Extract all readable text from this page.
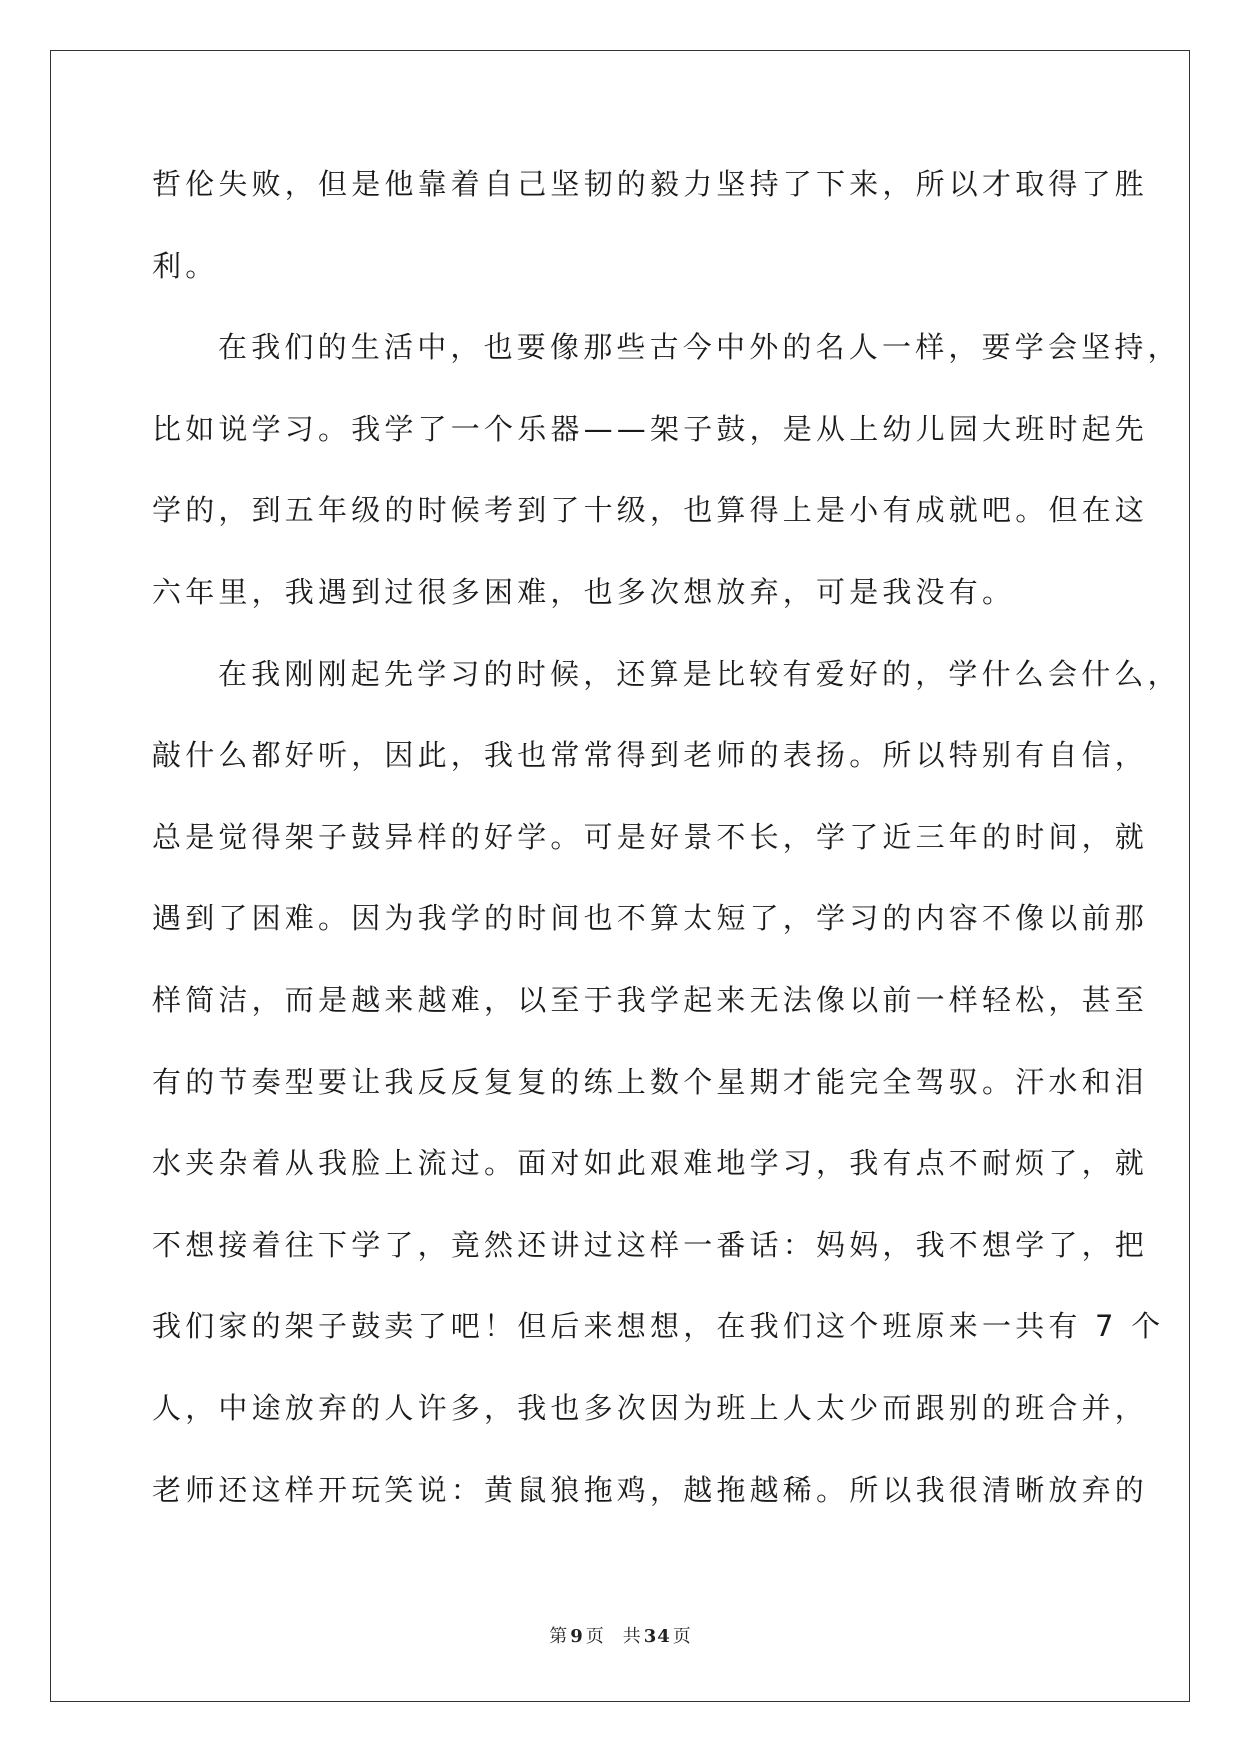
哲伦失败，但是他靠着自己坚韧的毅力坚持了下来，所以才取得了胜
利。
在我们的生活中，也要像那些古今中外的名人一样，要学会坚持，
比如说学习。我学了一个乐器——架子鼓，是从上幼儿园大班时起先
学的，到五年级的时候考到了十级，也算得上是小有成就吧。但在这
六年里，我遇到过很多困难，也多次想放弃，可是我没有。
在我刚刚起先学习的时候，还算是比较有爱好的，学什么会什么，
敲什么都好听，因此，我也常常得到老师的表扬。所以特别有自信，
总是觉得架子鼓异样的好学。可是好景不长，学了近三年的时间，就
遇到了困难。因为我学的时间也不算太短了，学习的内容不像以前那
样简洁，而是越来越难，以至于我学起来无法像以前一样轻松，甚至
有的节奏型要让我反反复复的练上数个星期才能完全驾驭。汗水和泪
水夹杂着从我脸上流过。面对如此艰难地学习，我有点不耐烦了，就
不想接着往下学了，竟然还讲过这样一番话：妈妈，我不想学了，把
我们家的架子鼓卖了吧！但后来想想，在我们这个班原来一共有 7 个
人，中途放弃的人许多，我也多次因为班上人太少而跟别的班合并，
老师还这样开玩笑说：黄鼠狼拖鸡，越拖越稀。所以我很清晰放弃的
第 9 页 共 34 页
